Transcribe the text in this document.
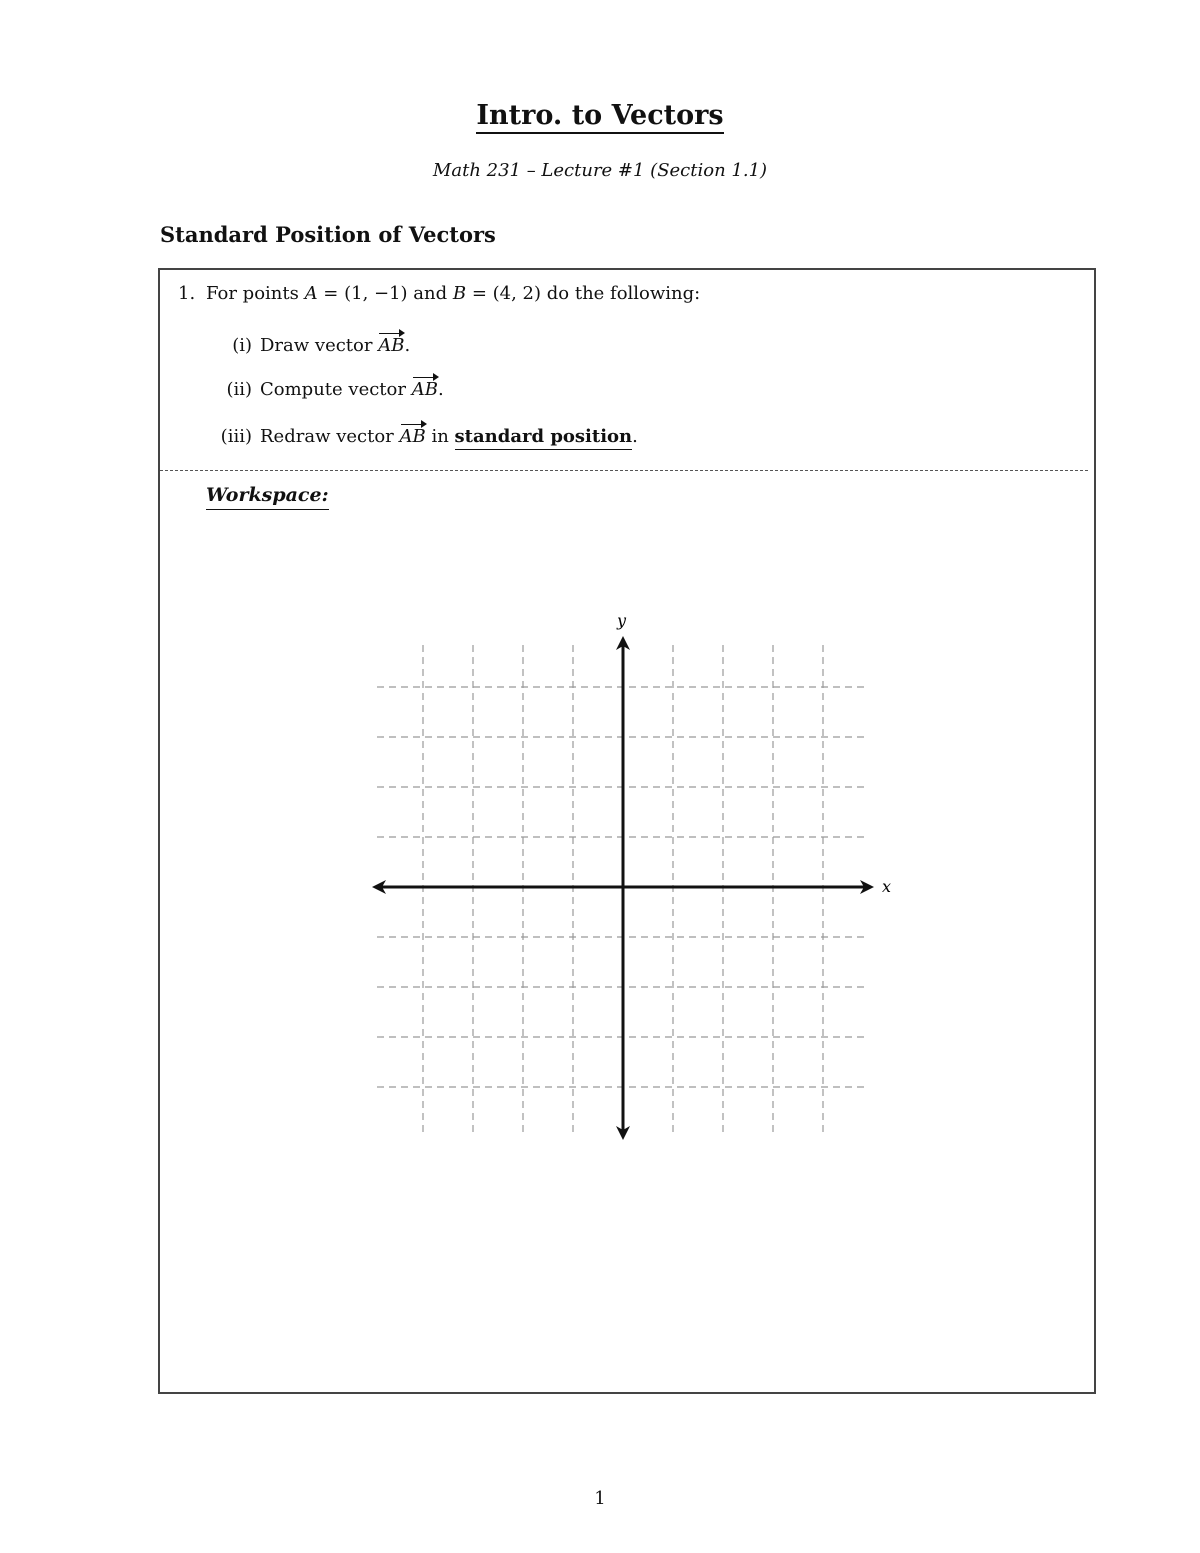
Intro. to Vectors
Math 231 – Lecture #1 (Section 1.1)
Standard Position of Vectors
1. For points A = (1, −1) and B = (4, 2) do the following:
(i) Draw vector AB.
(ii) Compute vector AB.
(iii) Redraw vector AB in standard position.
Workspace:
x
y
1
